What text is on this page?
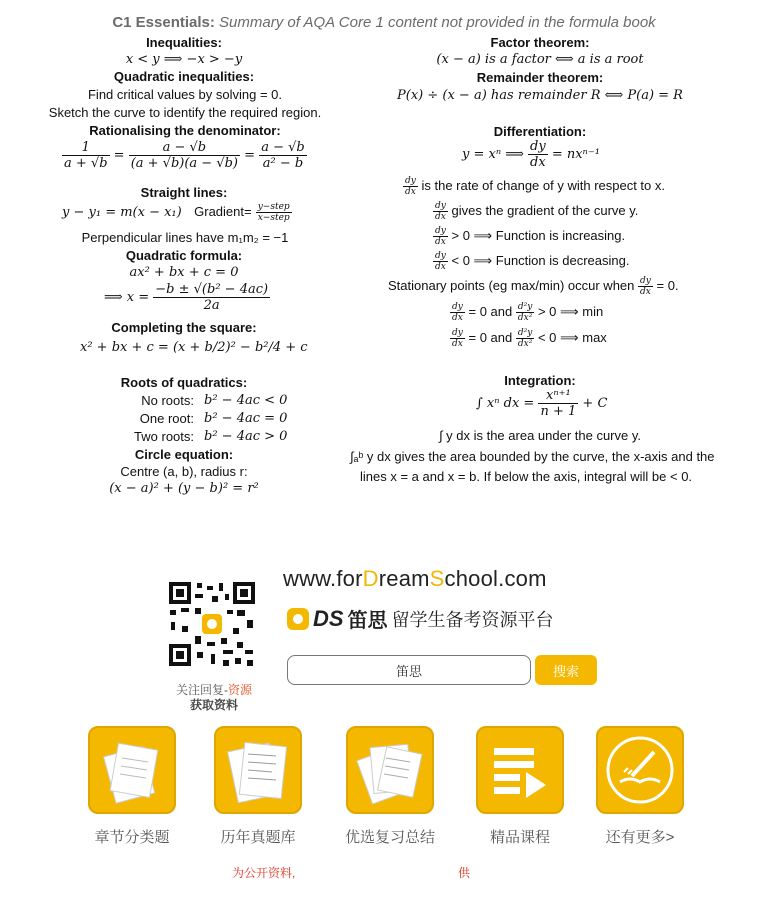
C1 Essentials: Summary of AQA Core 1 content not provided in the formula book
Inequalities:
x < y ⟹ −x > −y
Quadratic inequalities:
Find critical values by solving = 0.
Sketch the curve to identify the required region.
Rationalising the denominator:
$\frac{1}{a + √b} = \frac{a - √b}{(a + √b)(a - √b)} = \frac{a - √b}{\text{a² − b}}$
Straight lines:
y − y₁ = m(x − x₁) Gradient= $\frac{\text{y−step}}{\text{x−step}}$
Perpendicular lines have m₁m₂ = −1
Quadratic formula:
ax² + bx + c = 0
⟹ $x = \frac{\text{−b ± √(b² − 4ac)}}{2a}$
Completing the square:
x² + bx + c = (x + b/2)² − b²/4 + c
Roots of quadratics:
No roots: b² − 4ac < 0
One root: b² − 4ac = 0
Two roots: b² − 4ac > 0
Circle equation:
Centre (a, b), radius r:
(x − a)² + (y − b)² = r²
Factor theorem:
(x − a) is a factor ⟺ a is a root
Remainder theorem:
P(x) ÷ (x − a) has remainder R ⟺ P(a) = R
Differentiation:
y = xⁿ ⟹ $\frac{dy}{dx} = nx^{n-1}$
$\frac{dy}{dx}$ is the rate of change of y with respect to x.
$\frac{dy}{dx}$ gives the gradient of the curve y.
$\frac{dy}{dx} > 0$ ⟹ Function is increasing.
$\frac{dy}{dx} < 0$ ⟹ Function is decreasing.
Stationary points (eg max/min) occur when $\frac{dy}{dx} = 0$.
$\frac{dy}{dx} = 0$ and $\frac{\text{d²y}}{\text{dx²}} > 0$ ⟹ min
$\frac{dy}{dx} = 0$ and $\frac{\text{d²y}}{\text{dx²}} < 0$ ⟹ max
Integration:
∫ xⁿ dx = $\frac{\text{xⁿ⁺¹}}{n + 1} + C$
∫ y dx is the area under the curve y.
∫ₐᵇ y dx gives the area bounded by the curve, the x-axis and the
lines x = a and x = b. If below the axis, integral will be < 0.
关注回复-资源
获取资料
www.forDreamSchool.com
DS 笛思 留学生备考资源平台
笛思	搜索
章节分类题	历年真题库	优选复习总结	精品课程	还有更多>
为公开资料,	供
